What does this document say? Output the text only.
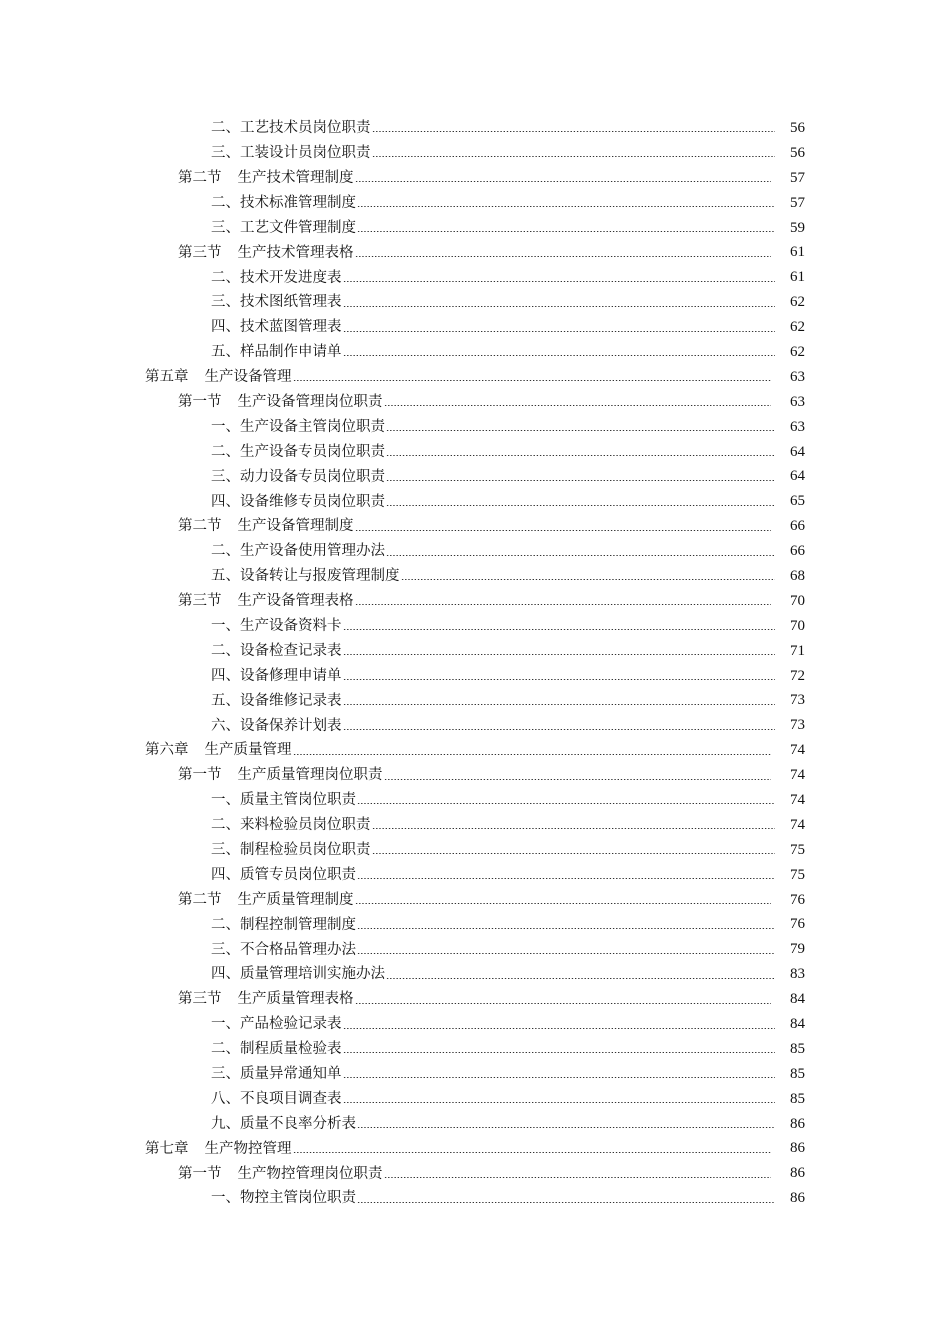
二、工艺技术员岗位职责	56
三、工装设计员岗位职责	56
第二节 生产技术管理制度	57
二、技术标准管理制度	57
三、工艺文件管理制度	59
第三节 生产技术管理表格	61
二、技术开发进度表	61
三、技术图纸管理表	62
四、技术蓝图管理表	62
五、样品制作申请单	62
第五章 生产设备管理	63
第一节 生产设备管理岗位职责	63
一、生产设备主管岗位职责	63
二、生产设备专员岗位职责	64
三、动力设备专员岗位职责	64
四、设备维修专员岗位职责	65
第二节 生产设备管理制度	66
二、生产设备使用管理办法	66
五、设备转让与报废管理制度	68
第三节 生产设备管理表格	70
一、生产设备资料卡	70
二、设备检查记录表	71
四、设备修理申请单	72
五、设备维修记录表	73
六、设备保养计划表	73
第六章 生产质量管理	74
第一节 生产质量管理岗位职责	74
一、质量主管岗位职责	74
二、来料检验员岗位职责	74
三、制程检验员岗位职责	75
四、质管专员岗位职责	75
第二节 生产质量管理制度	76
二、制程控制管理制度	76
三、不合格品管理办法	79
四、质量管理培训实施办法	83
第三节 生产质量管理表格	84
一、产品检验记录表	84
二、制程质量检验表	85
三、质量异常通知单	85
八、不良项目调查表	85
九、质量不良率分析表	86
第七章 生产物控管理	86
第一节 生产物控管理岗位职责	86
一、物控主管岗位职责	86
